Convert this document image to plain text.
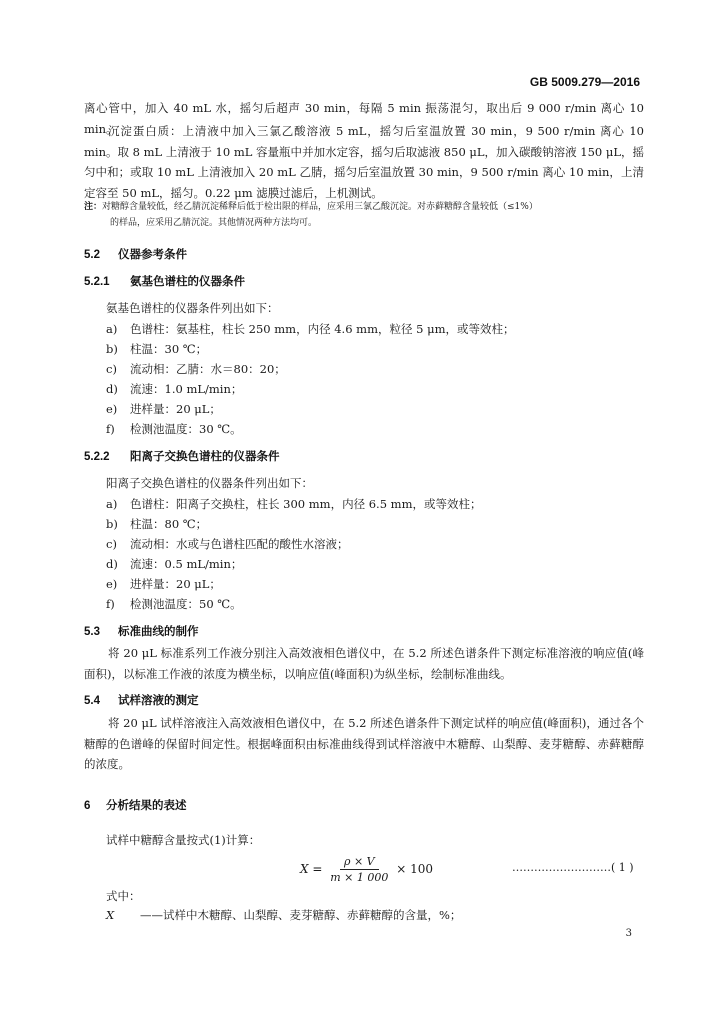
GB 5009.279—2016

离心管中，加入 40 mL 水，摇匀后超声 30 min，每隔 5 min 振荡混匀，取出后 9 000 r/min 离心 10 min。

沉淀蛋白质：上清液中加入三氯乙酸溶液 5 mL，摇匀后室温放置 30 min，9 500 r/min 离心 10 min。取 8 mL 上清液于 10 mL 容量瓶中并加水定容，摇匀后取滤液 850 μL，加入碳酸钠溶液 150 μL，摇匀中和；或取 10 mL 上清液加入 20 mL 乙腈，摇匀后室温放置 30 min，9 500 r/min 离心 10 min，上清定容至 50 mL，摇匀。0.22 μm 滤膜过滤后，上机测试。

注：对糖醇含量较低，经乙腈沉淀稀释后低于检出限的样品，应采用三氯乙酸沉淀。对赤藓糖醇含量较低（≤1%）
的样品，应采用乙腈沉淀。其他情况两种方法均可。
5.2 仪器参考条件
5.2.1 氨基色谱柱的仪器条件
氨基色谱柱的仪器条件列出如下：
a) 色谱柱：氨基柱，柱长 250 mm，内径 4.6 mm，粒径 5 μm，或等效柱；
b) 柱温：30 ℃；
c) 流动相：乙腈：水＝80：20；
d) 流速：1.0 mL/min；
e) 进样量：20 μL；
f) 检测池温度：30 ℃。
5.2.2 阳离子交换色谱柱的仪器条件
阳离子交换色谱柱的仪器条件列出如下：
a) 色谱柱：阳离子交换柱，柱长 300 mm，内径 6.5 mm，或等效柱；
b) 柱温：80 ℃；
c) 流动相：水或与色谱柱匹配的酸性水溶液；
d) 流速：0.5 mL/min；
e) 进样量：20 μL；
f) 检测池温度：50 ℃。
5.3 标准曲线的制作

将 20 μL 标准系列工作液分别注入高效液相色谱仪中，在 5.2 所述色谱条件下测定标准溶液的响应值(峰面积)，以标准工作液的浓度为横坐标，以响应值(峰面积)为纵坐标，绘制标准曲线。

5.4 试样溶液的测定

将 20 μL 试样溶液注入高效液相色谱仪中，在 5.2 所述色谱条件下测定试样的响应值(峰面积)，通过各个糖醇的色谱峰的保留时间定性。根据峰面积由标准曲线得到试样溶液中木糖醇、山梨醇、麦芽糖醇、赤藓糖醇的浓度。

6 分析结果的表述
试样中糖醇含量按式(1)计算：
$X = \frac{\rho \times V}{m \times 1 000} \times 100$	………………………( 1 )
式中：
X ——试样中木糖醇、山梨醇、麦芽糖醇、赤藓糖醇的含量，%；
3
